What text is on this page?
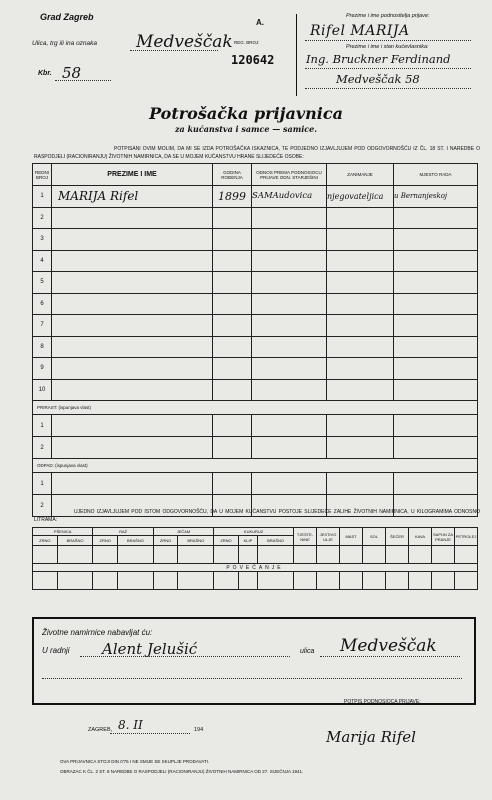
Grad Zagreb
Ulica, trg ili ina oznaka Medveščak
Kbr. 58
A.
REG. BROJ:
120642
Prezime i ime podnositelja prijave:
Rifel MARIJA
Prezime i ime i stan kućevlasnika:
Ing. Bruckner Ferdinand
Medveščak 58
Potrošačka prijavnica
za kućanstva i samce — samice.
POTPISANI OVIM MOLIM, DA MI SE IZDA POTROŠAČKA ISKAZNICA, TE PODJEDNO IZJAVLJUJEM POD ODGOVORNOŠĆU IZ ČL. 18 ST. I NAREDBE O RASPODJELI (RACIONIRANJU) ŽIVOTNIH NAMIRNICA, DA SE U MOJEM KUĆANSTVU HRANE SLIJEDEĆE OSOBE:
REDNI BROJ	PREZIME I IME	GODINA ROĐENJA	ODNOS PREMA PODNOSIOCU PRIJAVE ODN. STARJEŠINI	ZANIMANJE	MJESTO RADA
1	MARIJA Rifel	1899	SAMAudovica	njegovateljica	u Bernanjeskoj
2					
3					
4					
5					
6					
7					
8					
9					
10					
PRIRAST: (ispunjava vlast)					
1					
2					
ODPAD: (ispunjava vlast)					
1					
2					
UJEDNO IZJAVLJUJEM POD ISTOM ODGOVORNOŠĆU, DA U MOJEM KUĆANSTVU POSTOJE SLIJEDEĆE ZALIHE ŽIVOTNIH NAMIRNICA, U KILOGRAMIMA ODNOSNO LITRAMA:
PŠENICA		RAŽ		JEČAM		KUKURUZ			TJESTE-NINE	JESTIVO ULJE	MAST	SOL	ŠEĆER	KAVA	SAPUN ZA PRANJE	PETROLEJ
ZRNO	BRAŠNO	ZRNO	BRAŠNO	ZRNO	BRAŠNO	ZRNO	KLIP	BRAŠNO								

POVEĆANJE																

Životne namirnice nabavljat ću:
U radnji Alent Jelušić	ulica Medveščak
ZAGREB, 8. II	194
POTPIS PODNOSIOCA PRIJAVE:
Marija Rifel
OVA PRIJAVNICA STOJI DIN 0'75 I NE SMIJE SE SKUPLJE PRODAVATI.
OBRAZAC K ČL. 2 ST. 8 NAREDBE O RASPODJELI (RACIONIRANJU) ŽIVOTNIH NAMIRNICA OD 27. SIJEČNJA 1941.
